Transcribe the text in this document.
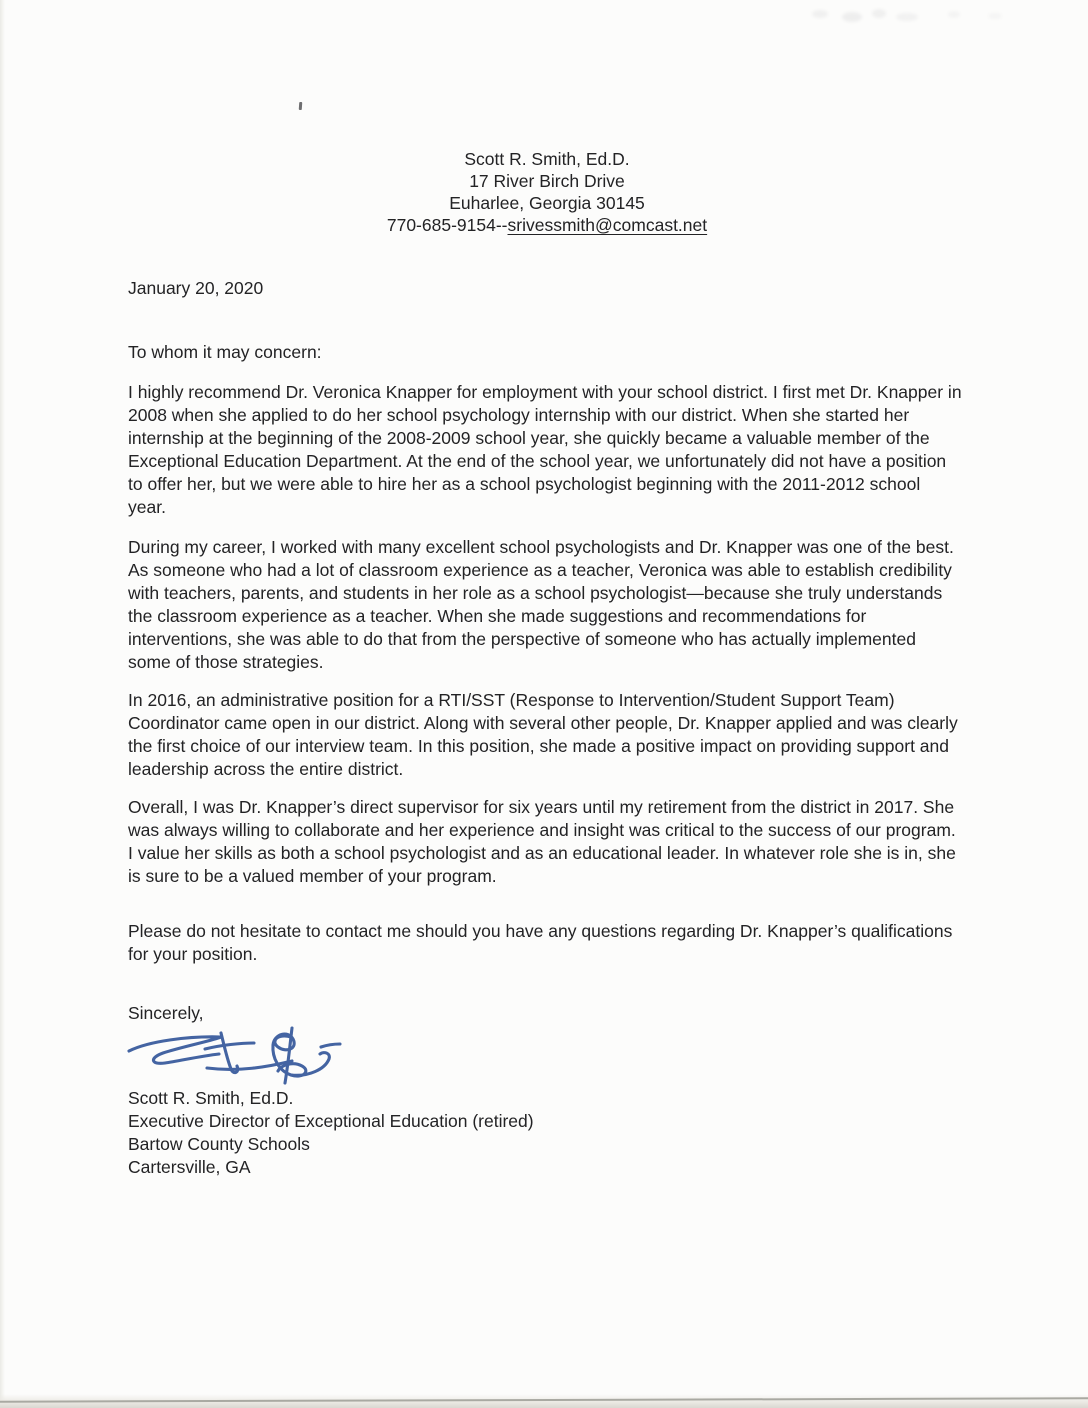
Scott R. Smith, Ed.D.
17 River Birch Drive
Euharlee, Georgia 30145
770-685-9154--srivessmith@comcast.net
January 20, 2020
To whom it may concern:

I highly recommend Dr. Veronica Knapper for employment with your school district. I first met Dr. Knapper in 2008 when she applied to do her school psychology internship with our district. When she started her internship at the beginning of the 2008-2009 school year, she quickly became a valuable member of the Exceptional Education Department. At the end of the school year, we unfortunately did not have a position to offer her, but we were able to hire her as a school psychologist beginning with the 2011-2012 school year.

During my career, I worked with many excellent school psychologists and Dr. Knapper was one of the best. As someone who had a lot of classroom experience as a teacher, Veronica was able to establish credibility with teachers, parents, and students in her role as a school psychologist—because she truly understands the classroom experience as a teacher. When she made suggestions and recommendations for interventions, she was able to do that from the perspective of someone who has actually implemented some of those strategies.

In 2016, an administrative position for a RTI/SST (Response to Intervention/Student Support Team) Coordinator came open in our district. Along with several other people, Dr. Knapper applied and was clearly the first choice of our interview team. In this position, she made a positive impact on providing support and leadership across the entire district.

Overall, I was Dr. Knapper’s direct supervisor for six years until my retirement from the district in 2017. She was always willing to collaborate and her experience and insight was critical to the success of our program. I value her skills as both a school psychologist and as an educational leader. In whatever role she is in, she is sure to be a valued member of your program.

Please do not hesitate to contact me should you have any questions regarding Dr. Knapper’s qualifications for your position.

Sincerely,
Scott R. Smith, Ed.D.
Executive Director of Exceptional Education (retired)
Bartow County Schools
Cartersville, GA
